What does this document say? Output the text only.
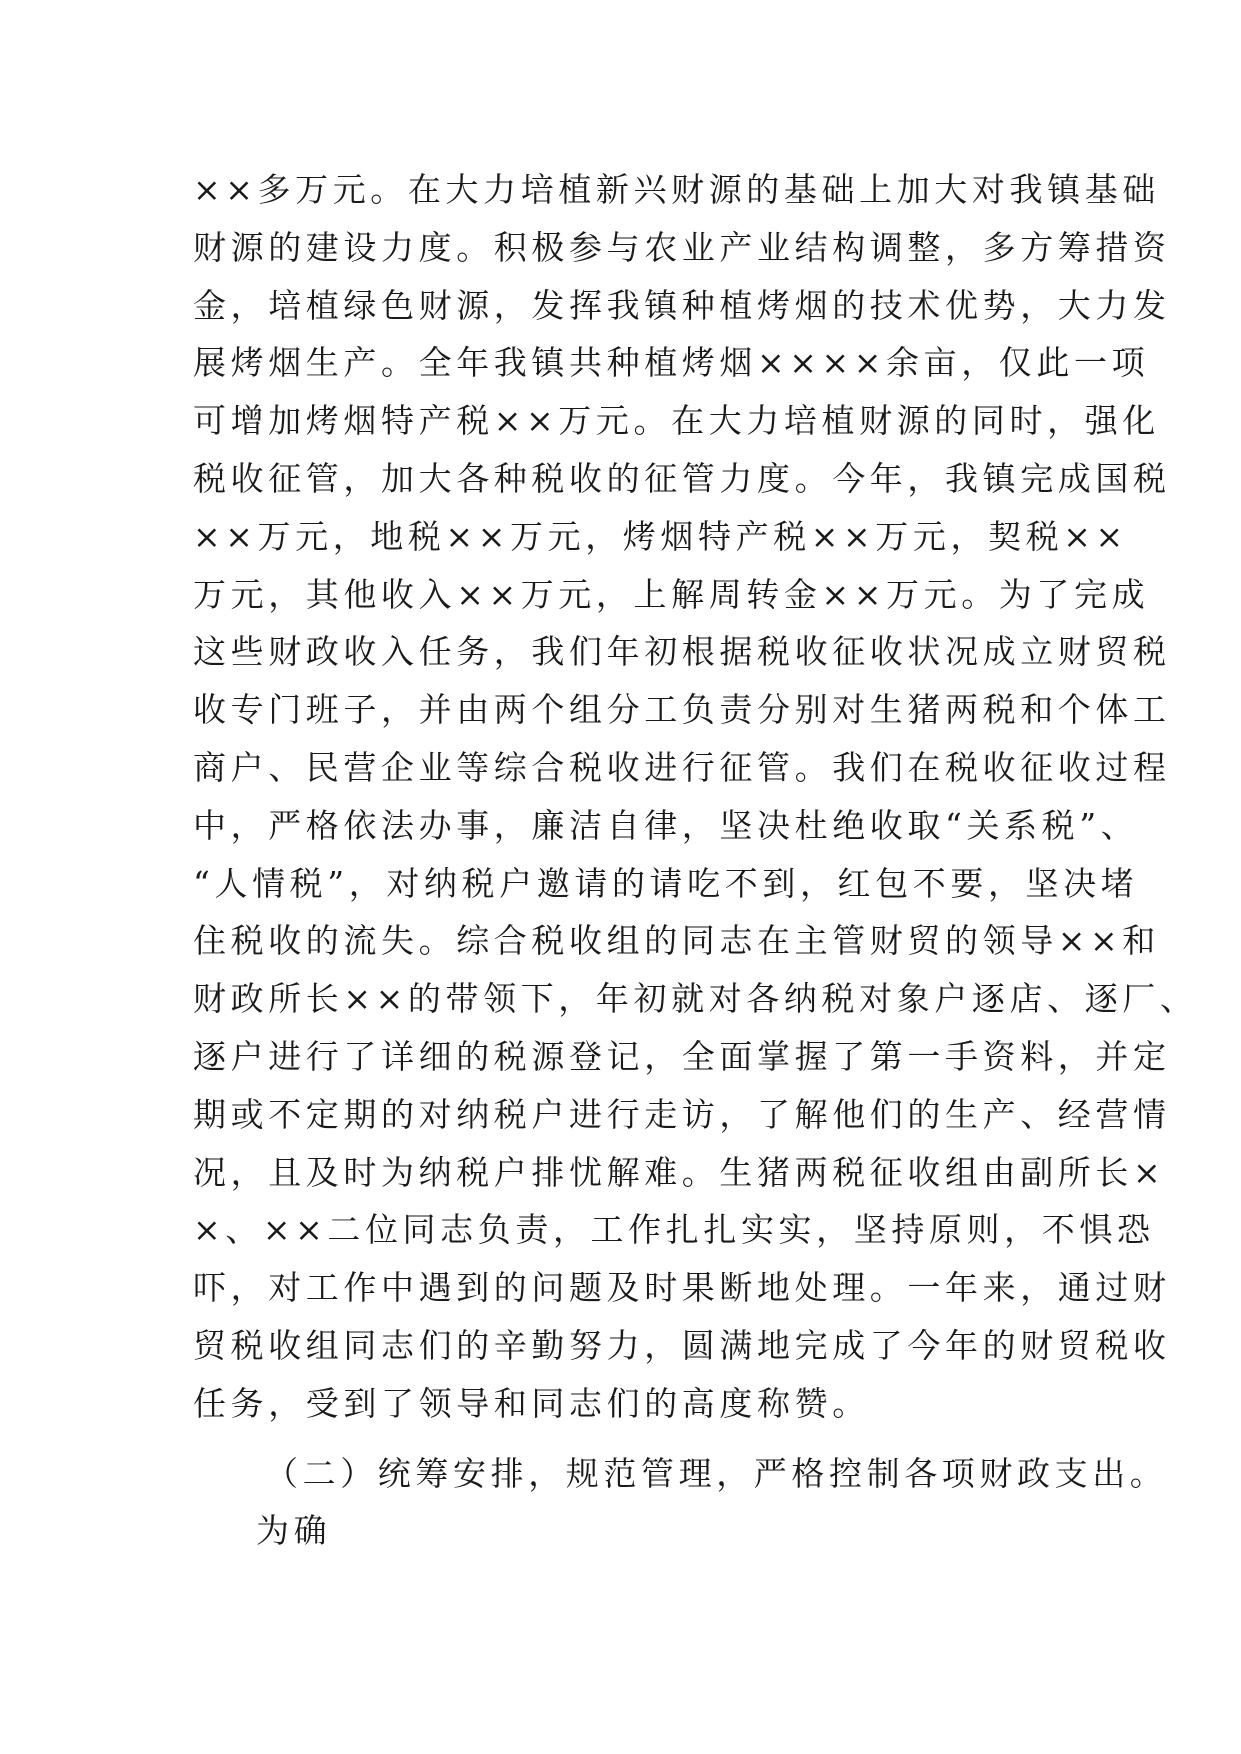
××多万元。在大力培植新兴财源的基础上加大对我镇基础
财源的建设力度。积极参与农业产业结构调整，多方筹措资
金，培植绿色财源，发挥我镇种植烤烟的技术优势，大力发
展烤烟生产。全年我镇共种植烤烟××××余亩，仅此一项
可增加烤烟特产税××万元。在大力培植财源的同时，强化
税收征管，加大各种税收的征管力度。今年，我镇完成国税
××万元，地税××万元，烤烟特产税××万元，契税××
万元，其他收入××万元，上解周转金××万元。为了完成
这些财政收入任务，我们年初根据税收征收状况成立财贸税
收专门班子，并由两个组分工负责分别对生猪两税和个体工
商户、民营企业等综合税收进行征管。我们在税收征收过程
中，严格依法办事，廉洁自律，坚决杜绝收取“关系税”、
“人情税”，对纳税户邀请的请吃不到，红包不要，坚决堵
住税收的流失。综合税收组的同志在主管财贸的领导××和
财政所长××的带领下，年初就对各纳税对象户逐店、逐厂、
逐户进行了详细的税源登记，全面掌握了第一手资料，并定
期或不定期的对纳税户进行走访，了解他们的生产、经营情
况，且及时为纳税户排忧解难。生猪两税征收组由副所长×
×、××二位同志负责，工作扎扎实实，坚持原则，不惧恐
吓，对工作中遇到的问题及时果断地处理。一年来，通过财
贸税收组同志们的辛勤努力，圆满地完成了今年的财贸税收
任务，受到了领导和同志们的高度称赞。
（二）统筹安排，规范管理，严格控制各项财政支出。
为确
